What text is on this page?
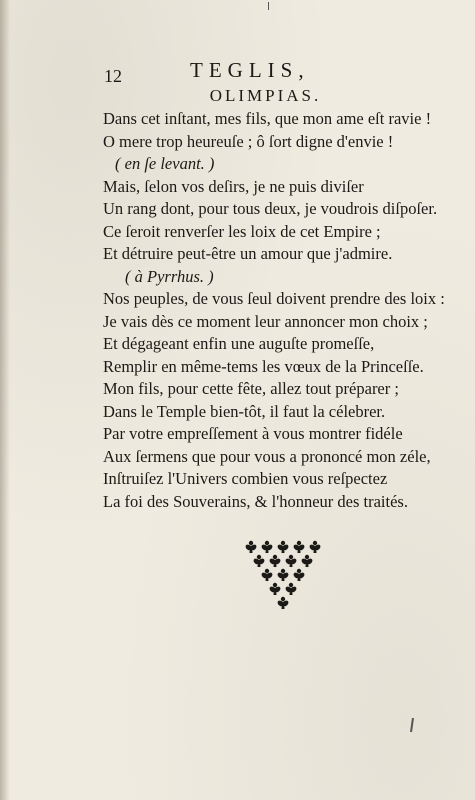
12	TEGLIS,
OLIMPIAS.
Dans cet inſtant, mes fils, que mon ame eſt ravie !
O mere trop heureuſe ; ô ſort digne d'envie !
( en ſe levant. )
Mais, ſelon vos deſirs, je ne puis diviſer
Un rang dont, pour tous deux, je voudrois diſpoſer.
Ce ſeroit renverſer les loix de cet Empire ;
Et détruire peut-être un amour que j'admire.
( à Pyrrhus. )
Nos peuples, de vous ſeul doivent prendre des loix :
Je vais dès ce moment leur annoncer mon choix ;
Et dégageant enfin une auguſte promeſſe,
Remplir en même-tems les vœux de la Princeſſe.
Mon fils, pour cette fête, allez tout préparer ;
Dans le Temple bien-tôt, il faut la célebrer.
Par votre empreſſement à vous montrer fidéle
Aux ſermens que pour vous a prononcé mon zéle,
Inſtruiſez l'Univers combien vous reſpectez
La foi des Souverains, & l'honneur des traités.
